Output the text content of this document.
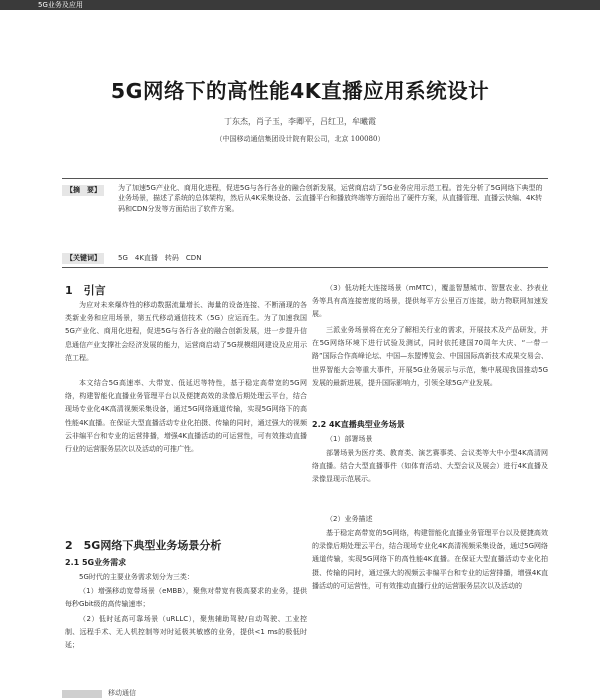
5G业务及应用
5G网络下的高性能4K直播应用系统设计
丁东杰，肖子玉，李卿平，吕红卫，牟曦霞
（中国移动通信集团设计院有限公司，北京 100080）
【摘　要】	为了加速5G产业化、商用化进程，促进5G与各行各业的融合创新发展，运营商启动了5G业务应用示范工程。首先分析了5G网络下典型的业务场景，描述了系统的总体架构，然后从4K采集设备、云直播平台和播放终端等方面给出了硬件方案，从直播管理、直播云快编、4K转码和CDN分发等方面给出了软件方案。
【关键词】	5G　4K直播　转码　CDN
1　引言

为应对未来爆炸性的移动数据流量增长、海量的设备连接、不断涌现的各类新业务和应用场景，第五代移动通信技术（5G）应运而生。为了加速我国5G产业化、商用化进程，促进5G与各行各业的融合创新发展，进一步提升信息通信产业支撑社会经济发展的能力，运营商启动了5G规模组网建设及应用示范工程。

本文结合5G高速率、大带宽、低延迟等特性，基于稳定高带宽的5G网络，构建智能化直播业务管理平台以及便捷高效的录像后期处理云平台，结合现场专业化4K高清视频采集设备，通过5G网络通道传输，实现5G网络下的高性能4K直播。在保证大型直播活动专业化拍摄、传输的同时，通过强大的视频云非编平台和专业的运营排播，增强4K直播活动的可运营性，可有效推动直播行业的运营服务层次以及活动的可推广性。

2　5G网络下典型业务场景分析
2.1 5G业务需求

5G时代的主要业务需求划分为三类：

（1）增强移动宽带场景（eMBB），聚焦对带宽有极高要求的业务，提供每秒Gbit级的高传输速率；

（2）低时延高可靠场景（uRLLC），聚焦辅助驾驶/自动驾驶、工业控制、远程手术、无人机控制等对时延极其敏感的业务，提供<1 ms的极低时延；

（3）低功耗大连接场景（mMTC），覆盖智慧城市、智慧农业、抄表业务等具有高连接密度的场景，提供每平方公里百万连接，助力物联网加速发展。

三派业务场景将在充分了解相关行业的需求，开展技术及产品研发，并在5G网络环境下进行试验及测试，同时依托建国70周年大庆、“一带一路”国际合作高峰论坛、中国—东盟博览会、中国国际高新技术成果交易会、世界智能大会等重大事件，开展5G业务展示与示范，集中展现我国推动5G发展的最新进展，提升国际影响力，引领全球5G产业发展。

2.2 4K直播典型业务场景

（1）部署场景

部署场景为医疗类、教育类、演艺赛事类、会议类等大中小型4K高清网络直播。结合大型直播事件（如体育活动、大型会议及展会）进行4K直播及录像显现示范展示。

（2）业务描述

基于稳定高带宽的5G网络，构建智能化直播业务管理平台以及便捷高效的录像后期处理云平台，结合现场专业化4K高清视频采集设备，通过5G网络通道传输，实现5G网络下的高性能4K直播。在保证大型直播活动专业化拍摄、传输的同时，通过强大的视频云非编平台和专业的运营排播，增强4K直播活动的可运营性，可有效推动直播行业的运营服务层次以及活动的

移动通信
